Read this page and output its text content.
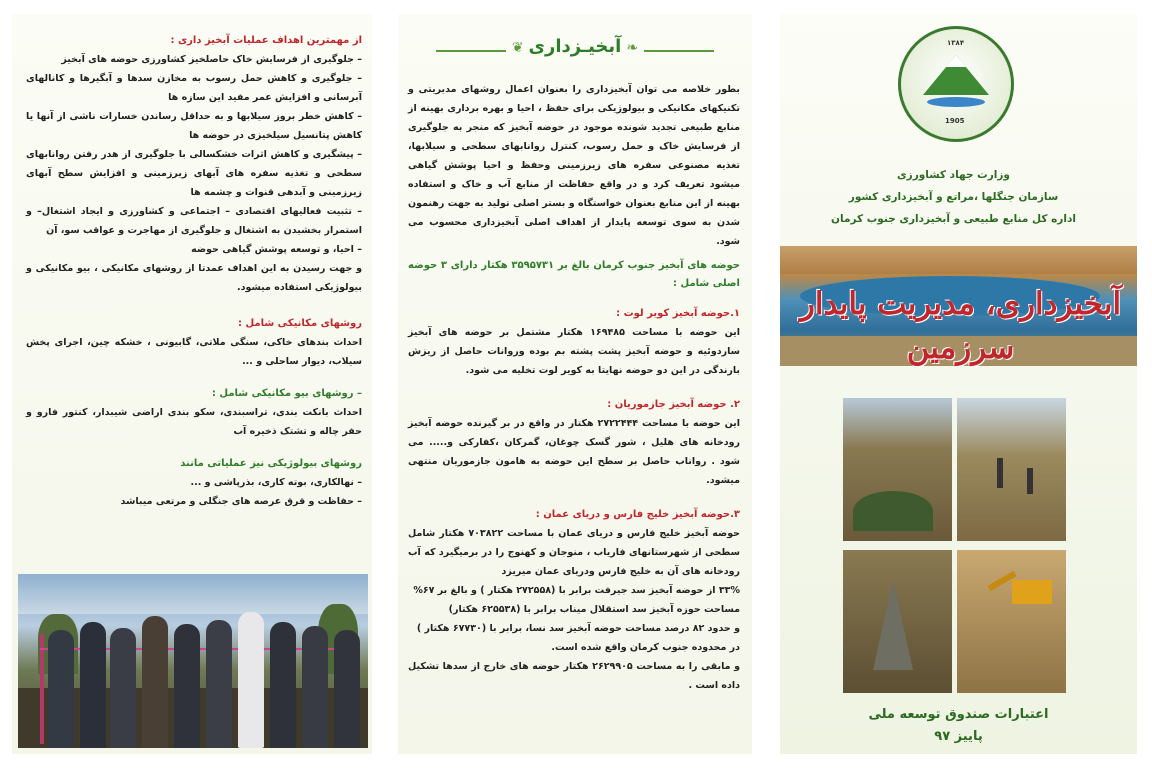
از مهمترین اهداف عملیات آبخیز داری :

– جلوگیری از فرسایش خاک حاصلخیز کشاورزی حوضه های آبخیز

– جلوگیری و کاهش حمل رسوب به مخازن سدها و آبگیرها و کانالهای آبرسانی و افزایش عمر مفید این سازه ها

– کاهش خطر بروز سیلابها و به حداقل رساندن خسارات ناشی از آنها یا کاهش پتانسیل سیلخیزی در حوضه ها

– پیشگیری و کاهش اثرات خشکسالی با جلوگیری از هدر رفتن روانابهای سطحی و تغذیه سفره های آبهای زیرزمینی و افزایش سطح آبهای زیرزمینی و آبدهی قنوات و چشمه ها

– تثبیت فعالیهای اقتصادی – اجتماعی و کشاورزی و ایجاد اشتغال– و استمرار بخشیدن به اشتغال و جلوگیری از مهاجرت و عواقب سو، آن

– احیا، و توسعه پوشش گیاهی حوضه

و جهت رسیدن به این اهداف عمدتا از روشهای مکانیکی ، بیو مکانیکی و بیولوژیکی استفاده میشود.

روشهای مکانیکی شامل :

احداث بندهای خاکی، سنگی ملاتی، گابیونی ، خشکه چین، اجرای پخش سیلاب، دیوار ساحلی و ...

– روشهای بیو مکانیکی شامل :

احداث بانکت بندی، تراسبندی، سکو بندی اراضی شیبدار، کنتور فارو و حفر چاله و تشتک ذخیره آب

روشهای بیولوژیکی نیز عملیاتی مانند

– نهالکاری، بوته کاری، بذرپاشی و ...

– حفاظت و قرق عرصه های جنگلی و مرتعی میباشد

❦ آبخیـزداری ❧

بطور خلاصه می توان آبخیزداری را بعنوان اعمال روشهای مدیریتی و تکنیکهای مکانیکی و بیولوژیکی برای حفظ ، احیا و بهره برداری بهینه از منابع طبیعی تجدید شونده موجود در حوضه آبخیز که منجر به جلوگیری از فرسایش خاک و حمل رسوب، کنترل روانابهای سطحی و سیلابها، تغذیه مصنوعی سفره های زیرزمینی وحفظ و احیا پوشش گیاهی میشود تعریف کرد و در واقع حفاظت از منابع آب و خاک و استفاده بهینه از این منابع بعنوان خواستگاه و بستر اصلی تولید به جهت رهنمون شدن به سوی توسعه پایدار از اهداف اصلی آبخیزداری محسوب می شود.

حوضه های آبخیز جنوب کرمان بالغ بر ۳۵۹۵۷۳۱ هکتار دارای ۳ حوضه اصلی شامل :

۱.حوضه آبخیز کویر لوت :

این حوضه با مساحت ۱۶۹۴۸۵ هکتار مشتمل بر حوضه های آبخیز ساردوئیه و حوضه آبخیز پشت پشته بم بوده وروانات حاصل از ریزش بارندگی در این دو حوضه نهایتا به کویر لوت تخلیه می شود.

۲. حوضه آبخیز جازموریان :

این حوضه با مساحت ۲۷۲۲۴۴۴ هکتار در واقع در بر گیرنده حوضه آبخیز رودخانه های هلیل ، شور گسک چوغان، گمرکان ،کفارکی و..... می شود . رواناب حاصل بر سطح این حوضه به هامون جازموریان منتهی میشود.

۳.حوضه آبخیز خلیج فارس و دریای عمان :

حوضه آبخیز خلیج فارس و دریای عمان با مساحت ۷۰۳۸۲۲ هکتار شامل سطحی از شهرستانهای فاریاب ، منوجان و کهنوج را در برمیگیرد که آب رودخانه های آن به خلیج فارس ودریای عمان میریزد

۳۳% از حوضه آبخیز سد جیرفت برابر با (۲۷۲۵۵۸ هکتار ) و بالغ بر ۶۷%

مساحت حوزه آبخیز سد استقلال میناب برابر با (۶۲۵۵۳۸ هکتار)

و حدود ۸۲ درصد مساحت حوضه آبخیز سد نسا، برابر با (۶۷۷۳۰ هکتار )

در محدوده جنوب کرمان واقع شده است.

و مابقی را به مساحت ۲۶۲۹۹۰۵ هکتار حوضه های خارج از سدها تشکیل داده است .

۱۳۸۴
1905

وزارت جهاد کشاورزی

سازمان جنگلها ،مراتع و آبخیزداری کشور

اداره کل منابع طبیعی و آبخیزداری جنوب کرمان

آبخیزداری، مدیریت پایدار سرزمین

اعتبارات صندوق توسعه ملی

پاییز ۹۷
